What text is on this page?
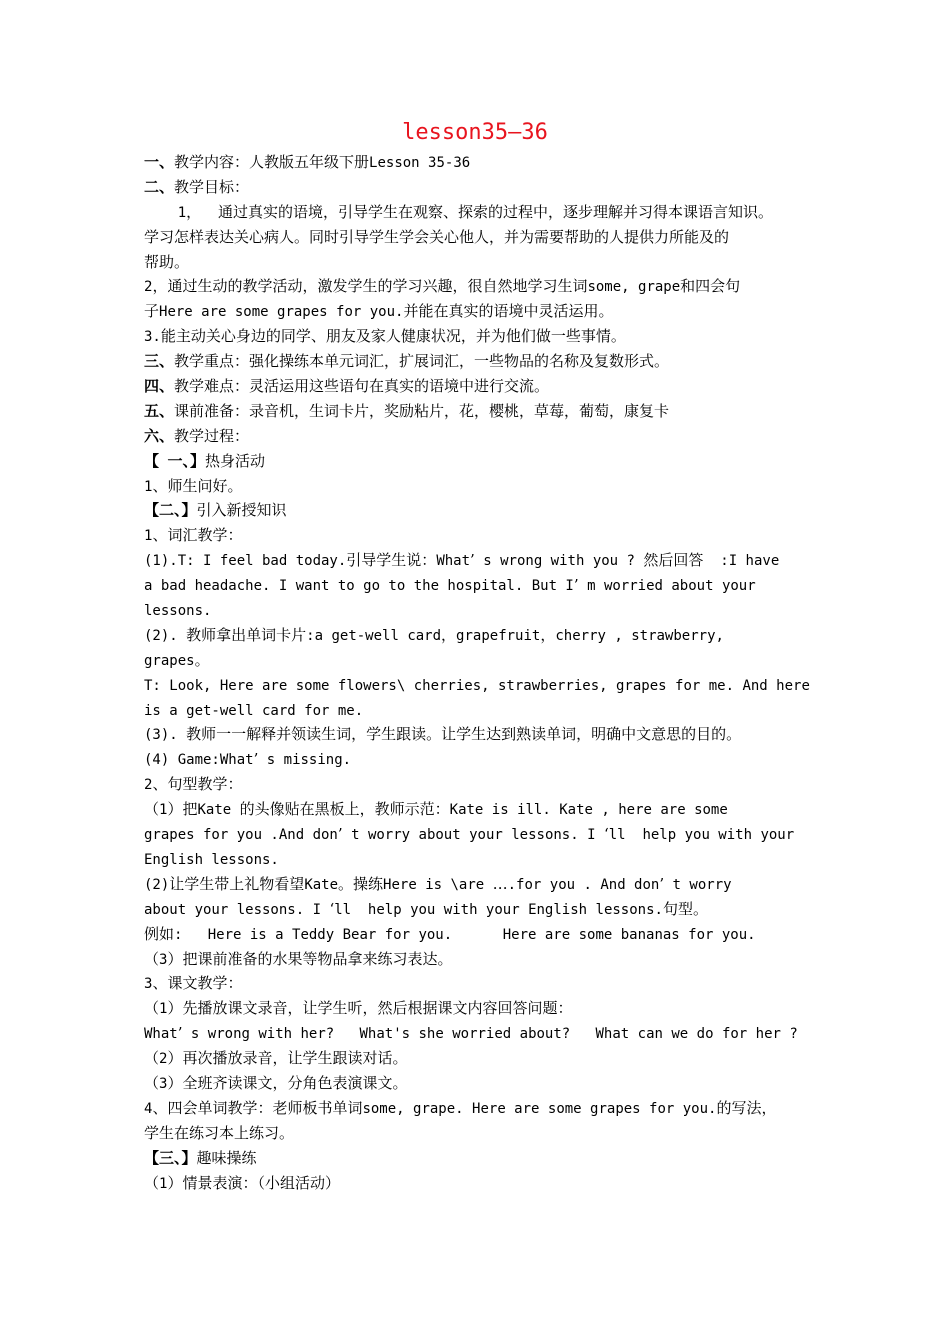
lesson35—36
一、教学内容：人教版五年级下册Lesson 35-36
二、教学目标：
1， 通过真实的语境，引导学生在观察、探索的过程中，逐步理解并习得本课语言知识。
学习怎样表达关心病人。同时引导学生学会关心他人，并为需要帮助的人提供力所能及的
帮助。
2，通过生动的教学活动，激发学生的学习兴趣，很自然地学习生词some, grape和四会句
子Here are some grapes for you.并能在真实的语境中灵活运用。
3.能主动关心身边的同学、朋友及家人健康状况，并为他们做一些事情。
三、教学重点：强化操练本单元词汇，扩展词汇，一些物品的名称及复数形式。
四、教学难点：灵活运用这些语句在真实的语境中进行交流。
五、课前准备：录音机，生词卡片，奖励粘片，花，樱桃，草莓，葡萄，康复卡
六、教学过程：
【 一、】热身活动
1、师生问好。
【二、】引入新授知识
1、词汇教学：
(1).T: I feel bad today.引导学生说：What’ s wrong with you ? 然后回答  :I have
a bad headache. I want to go to the hospital. But I’ m worried about your
lessons.
(2). 教师拿出单词卡片:a get-well card，grapefruit，cherry , strawberry,
grapes。
T: Look, Here are some flowers\ cherries, strawberries, grapes for me. And here
is a get-well card for me.
(3). 教师一一解释并领读生词，学生跟读。让学生达到熟读单词，明确中文意思的目的。
(4) Game:What’ s missing.
2、句型教学：
（1）把Kate 的头像贴在黑板上，教师示范：Kate is ill. Kate , here are some
grapes for you .And don’ t worry about your lessons. I ‘ll  help you with your
English lessons.
(2)让学生带上礼物看望Kate。操练Here is \are ….for you . And don’ t worry
about your lessons. I ‘ll  help you with your English lessons.句型。
例如:   Here is a Teddy Bear for you.      Here are some bananas for you.
（3）把课前准备的水果等物品拿来练习表达。
3、课文教学：
（1）先播放课文录音，让学生听，然后根据课文内容回答问题：
What’ s wrong with her?   What's she worried about?   What can we do for her ?
（2）再次播放录音，让学生跟读对话。
（3）全班齐读课文，分角色表演课文。
4、四会单词教学：老师板书单词some, grape. Here are some grapes for you.的写法，
学生在练习本上练习。
【三、】趣味操练
（1）情景表演：（小组活动）
